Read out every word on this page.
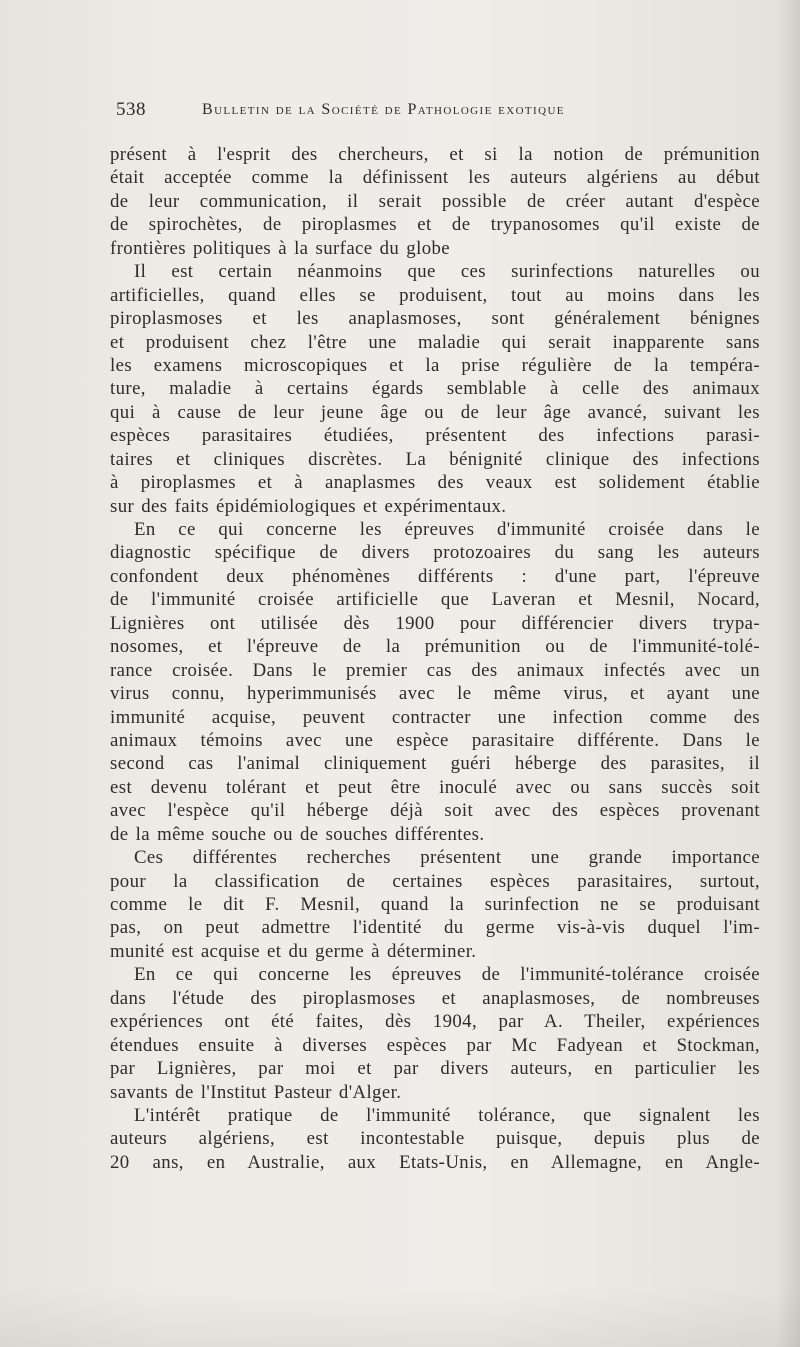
538	Bulletin de la Société de Pathologie exotique
présent à l'esprit des chercheurs, et si la notion de prémunition
était acceptée comme la définissent les auteurs algériens au début
de leur communication, il serait possible de créer autant d'espèce
de spirochètes, de piroplasmes et de trypanosomes qu'il existe de
frontières politiques à la surface du globe
Il est certain néanmoins que ces surinfections naturelles ou
artificielles, quand elles se produisent, tout au moins dans les
piroplasmoses et les anaplasmoses, sont généralement bénignes
et produisent chez l'être une maladie qui serait inapparente sans
les examens microscopiques et la prise régulière de la tempéra-
ture, maladie à certains égards semblable à celle des animaux
qui à cause de leur jeune âge ou de leur âge avancé, suivant les
espèces parasitaires étudiées, présentent des infections parasi-
taires et cliniques discrètes. La bénignité clinique des infections
à piroplasmes et à anaplasmes des veaux est solidement établie
sur des faits épidémiologiques et expérimentaux.
En ce qui concerne les épreuves d'immunité croisée dans le
diagnostic spécifique de divers protozoaires du sang les auteurs
confondent deux phénomènes différents : d'une part, l'épreuve
de l'immunité croisée artificielle que Laveran et Mesnil, Nocard,
Lignières ont utilisée dès 1900 pour différencier divers trypa-
nosomes, et l'épreuve de la prémunition ou de l'immunité-tolé-
rance croisée. Dans le premier cas des animaux infectés avec un
virus connu, hyperimmunisés avec le même virus, et ayant une
immunité acquise, peuvent contracter une infection comme des
animaux témoins avec une espèce parasitaire différente. Dans le
second cas l'animal cliniquement guéri héberge des parasites, il
est devenu tolérant et peut être inoculé avec ou sans succès soit
avec l'espèce qu'il héberge déjà soit avec des espèces provenant
de la même souche ou de souches différentes.
Ces différentes recherches présentent une grande importance
pour la classification de certaines espèces parasitaires, surtout,
comme le dit F. Mesnil, quand la surinfection ne se produisant
pas, on peut admettre l'identité du germe vis-à-vis duquel l'im-
munité est acquise et du germe à déterminer.
En ce qui concerne les épreuves de l'immunité-tolérance croisée
dans l'étude des piroplasmoses et anaplasmoses, de nombreuses
expériences ont été faites, dès 1904, par A. Theiler, expériences
étendues ensuite à diverses espèces par Mc Fadyean et Stockman,
par Lignières, par moi et par divers auteurs, en particulier les
savants de l'Institut Pasteur d'Alger.
L'intérêt pratique de l'immunité tolérance, que signalent les
auteurs algériens, est incontestable puisque, depuis plus de
20 ans, en Australie, aux Etats-Unis, en Allemagne, en Angle-
